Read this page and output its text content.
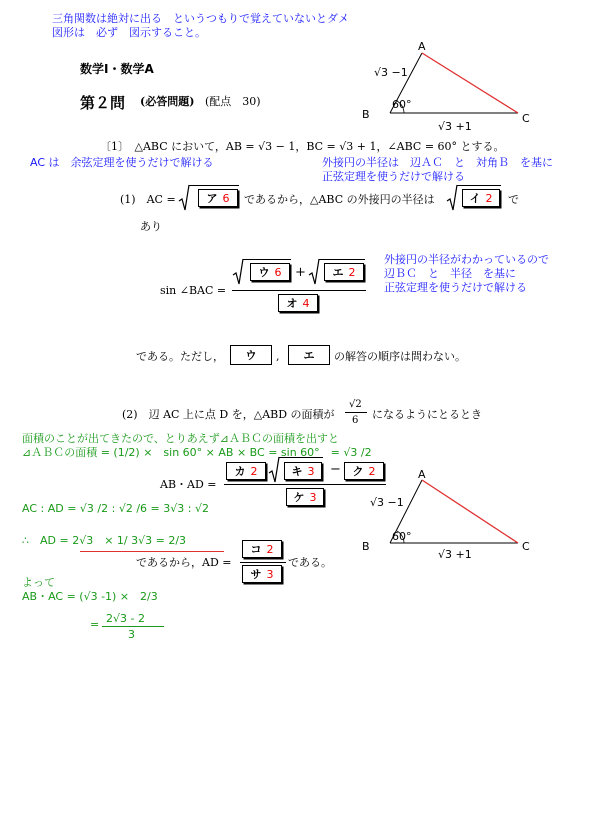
三角関数は絶対に出る　というつもりで覚えていないとダメ
図形は　必ず　図示すること。
数学Ⅰ・数学A
第２問 (必答問題) (配点　30)
A
B	C
60°
√3 −1
√3 +1
〔1〕　△ABC において，AB = √3 − 1，BC = √3 + 1，∠ABC = 60° とする。
AC は　余弦定理を使うだけで解ける	外接円の半径は　辺ＡＣ　と　対角Ｂ　を基に
正弦定理を使うだけで解ける
(1)　AC =	ア 6 であるから，△ABC の外接円の半径は	イ 2 で
あり
外接円の半径がわかっているので
辺ＢＣ　と　半径　を基に
正弦定理を使うだけで解ける
sin ∠BAC =
ウ 6 + エ 2
オ 4
である。ただし， ウ , エ の解答の順序は問わない。
(2)　辺 AC 上に点 D を，△ABD の面積が
√2
6 になるようにとるとき
面積のことが出てきたので、とりあえず⊿ＡＢＣの面積を出すと
⊿ＡＢＣの面積 = (1/2) ×　sin 60° × AB × BC = sin 60°　= √3 /2
AB・AD =
カ 2	キ 3 − ク 2
ケ 3
AC : AD = √3 /2 : √2 /6 = 3√3 : √2
∴　AD = 2√3　× 1/ 3√3 = 2/3
であるから，AD =
コ 2
サ 3
である。
よって
AB・AC = (√3 -1) ×　2/3
= 2√3 - 2
3
A
B	C
60°
√3 −1
√3 +1
